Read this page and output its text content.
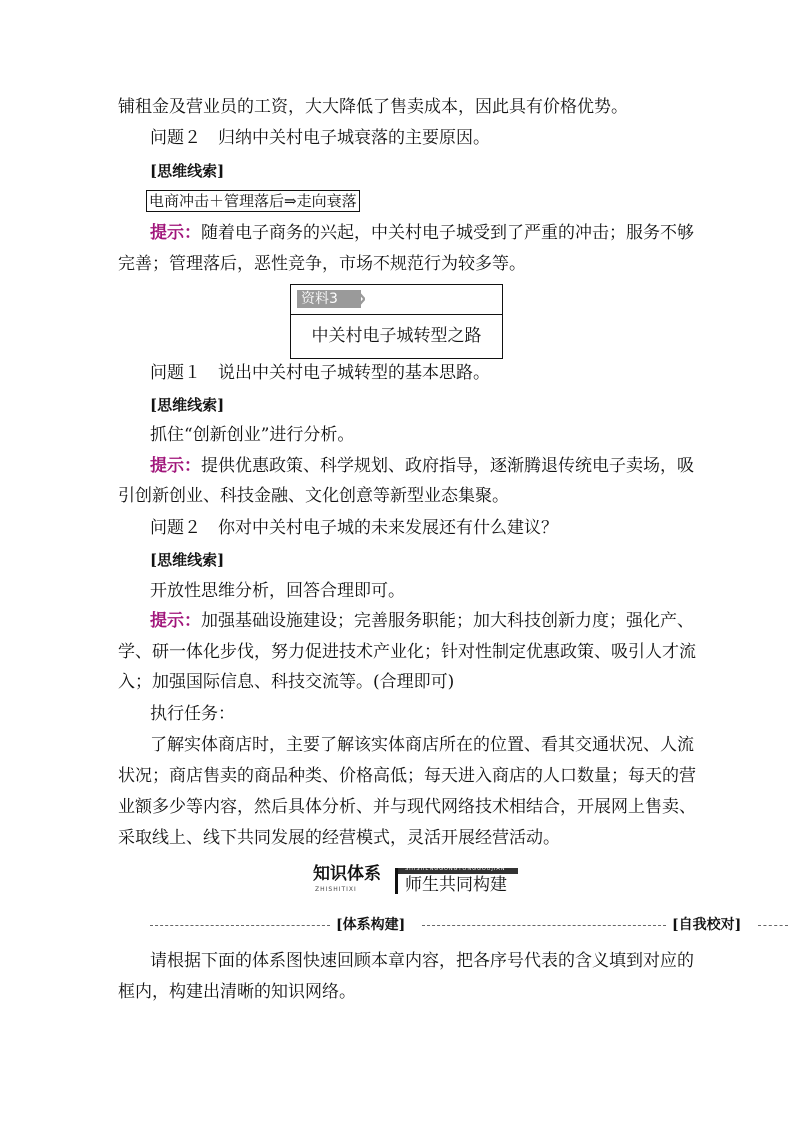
铺租金及营业员的工资，大大降低了售卖成本，因此具有价格优势。
问题２　归纳中关村电子城衰落的主要原因。
[思维线索]
电商冲击＋管理落后⇒走向衰落
提示：随着电子商务的兴起，中关村电子城受到了严重的冲击；服务不够
完善；管理落后，恶性竞争，市场不规范行为较多等。
资料3
中关村电子城转型之路
问题１　说出中关村电子城转型的基本思路。
[思维线索]
抓住“创新创业”进行分析。
提示：提供优惠政策、科学规划、政府指导，逐渐腾退传统电子卖场，吸
引创新创业、科技金融、文化创意等新型业态集聚。
问题２　你对中关村电子城的未来发展还有什么建议？
[思维线索]
开放性思维分析，回答合理即可。
提示：加强基础设施建设；完善服务职能；加大科技创新力度；强化产、
学、研一体化步伐，努力促进技术产业化；针对性制定优惠政策、吸引人才流
入；加强国际信息、科技交流等。(合理即可)
执行任务：
了解实体商店时，主要了解该实体商店所在的位置、看其交通状况、人流
状况；商店售卖的商品种类、价格高低；每天进入商店的人口数量；每天的营
业额多少等内容，然后具体分析、并与现代网络技术相结合，开展网上售卖、
采取线上、线下共同发展的经营模式，灵活开展经营活动。
知识体系
ZHISHITIXI
SHISHENGGONGTONGGOUJIAN
师生共同构建
[体系构建]	[自我校对]
请根据下面的体系图快速回顾本章内容，把各序号代表的含义填到对应的
框内，构建出清晰的知识网络。
